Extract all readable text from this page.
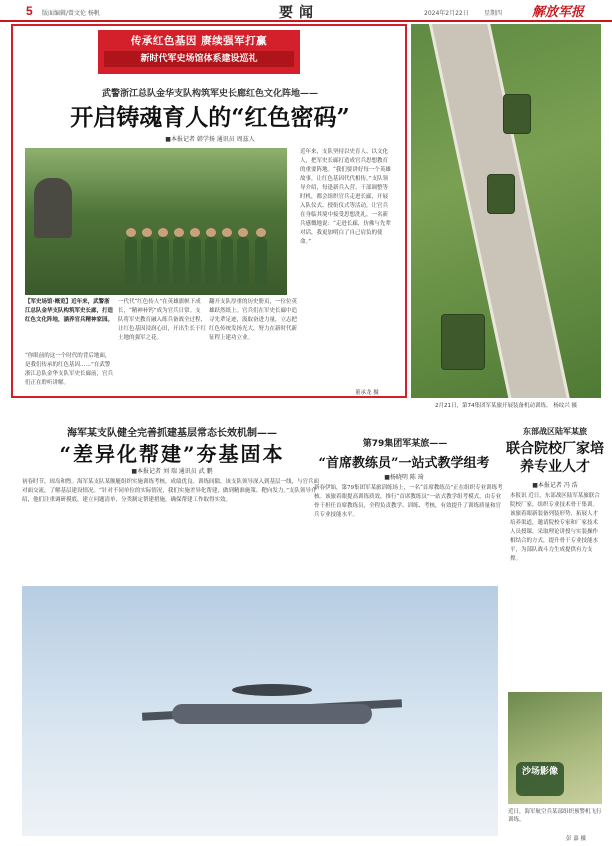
5 版面编辑/曾文伦 杨帆	要闻	2024年2月22日	星期四 解放军报
传承红色基因 赓续强军打赢
新时代军史场馆体系建设巡礼
武警浙江总队金华支队构筑军史长廊红色文化阵地——
开启铸魂育人的“红色密码”
■本报记者 韩学扬 通讯员 周兹人
【军史场馆·概览】近年来，武警浙江总队金华支队构筑军史长廊，打造红色文化阵地，涵养官兵精神家园。
“你眼前的这一个时代的背后地面，是我们传承的红色基因……”在武警浙江总队金华支队军史长廊前，官兵们正在聆听讲解。
一代代“红色传人”在英雄旗帜下成长，“精神补钙”成为官兵日常。支队将军史教育融入练兵备战全过程，让红色基因浸润心田，开出生长于红土地的强军之花。
翻开支队厚重的历史册页，一位位英雄跃然纸上。官兵们在军史长廊中追寻先辈足迹，汲取奋进力量，立志把红色传统发扬光大，努力在新时代新征程上建功立业。
近年来，支队坚持以史育人、以文化人，把军史长廊打造成官兵思想教育的重要阵地。“我们要讲好每一个英雄故事，让红色基因代代相传。”支队领导介绍，每逢新兵入营、干部调整等时机，都会组织官兵走进长廊，开展入队仪式、授衔仪式等活动，让官兵在身临其境中接受思想洗礼。一名新兵感慨地说：“走进长廊，仿佛与先辈对话，我更加明白了自己肩负的使命。”
董承龙 摄
2月21日，第74集团军某旅开展装备机动训练。 杨纹兴 摄
海军某支队健全完善抓建基层常态长效机制——
“差异化帮建”夯基固本
■本报记者 刘 瑞 通讯员 武 鹏
初春时节，琼岛和煦。海军某支队某舰艇组织实施训练考核，成绩优良。训练间隙，该支队领导深入到基层一线，与官兵面对面交流，了解基层建设情况。“针对不同单位的实际情况，我们实施差异化帮建，做到精准施策、靶向发力。”支队领导介绍，他们注重调研摸底，建立问题清单，分类制定帮建措施，确保帮建工作取得实效。
第79集团军某旅——
“首席教练员”一站式教学组考
■杨晓明 陈 琦
新春伊始，第79集团军某旅训练场上，一名“首席教练员”正在组织专业训练考核。该旅着眼提高训练质效，推行“首席教练员”一站式教学组考模式，由专业骨干担任首席教练员，全程负责教学、训练、考核，有效提升了训练质量和官兵专业技能水平。
东部战区陆军某旅
联合院校厂家培养专业人才
■本报记者 冯 浩
本报讯 近日，东部战区陆军某旅联合院校厂家，组织专业技术骨干集训。该旅着眼新装备列装形势，拓展人才培养渠道，邀请院校专家和厂家技术人员授课，采取理论讲授与实装操作相结合的方式，提升骨干专业技能水平，为部队战斗力生成提供有力支撑。
沙场影像
近日，海军航空兵某部组织预警机飞行训练。
彭 嘉 摄
